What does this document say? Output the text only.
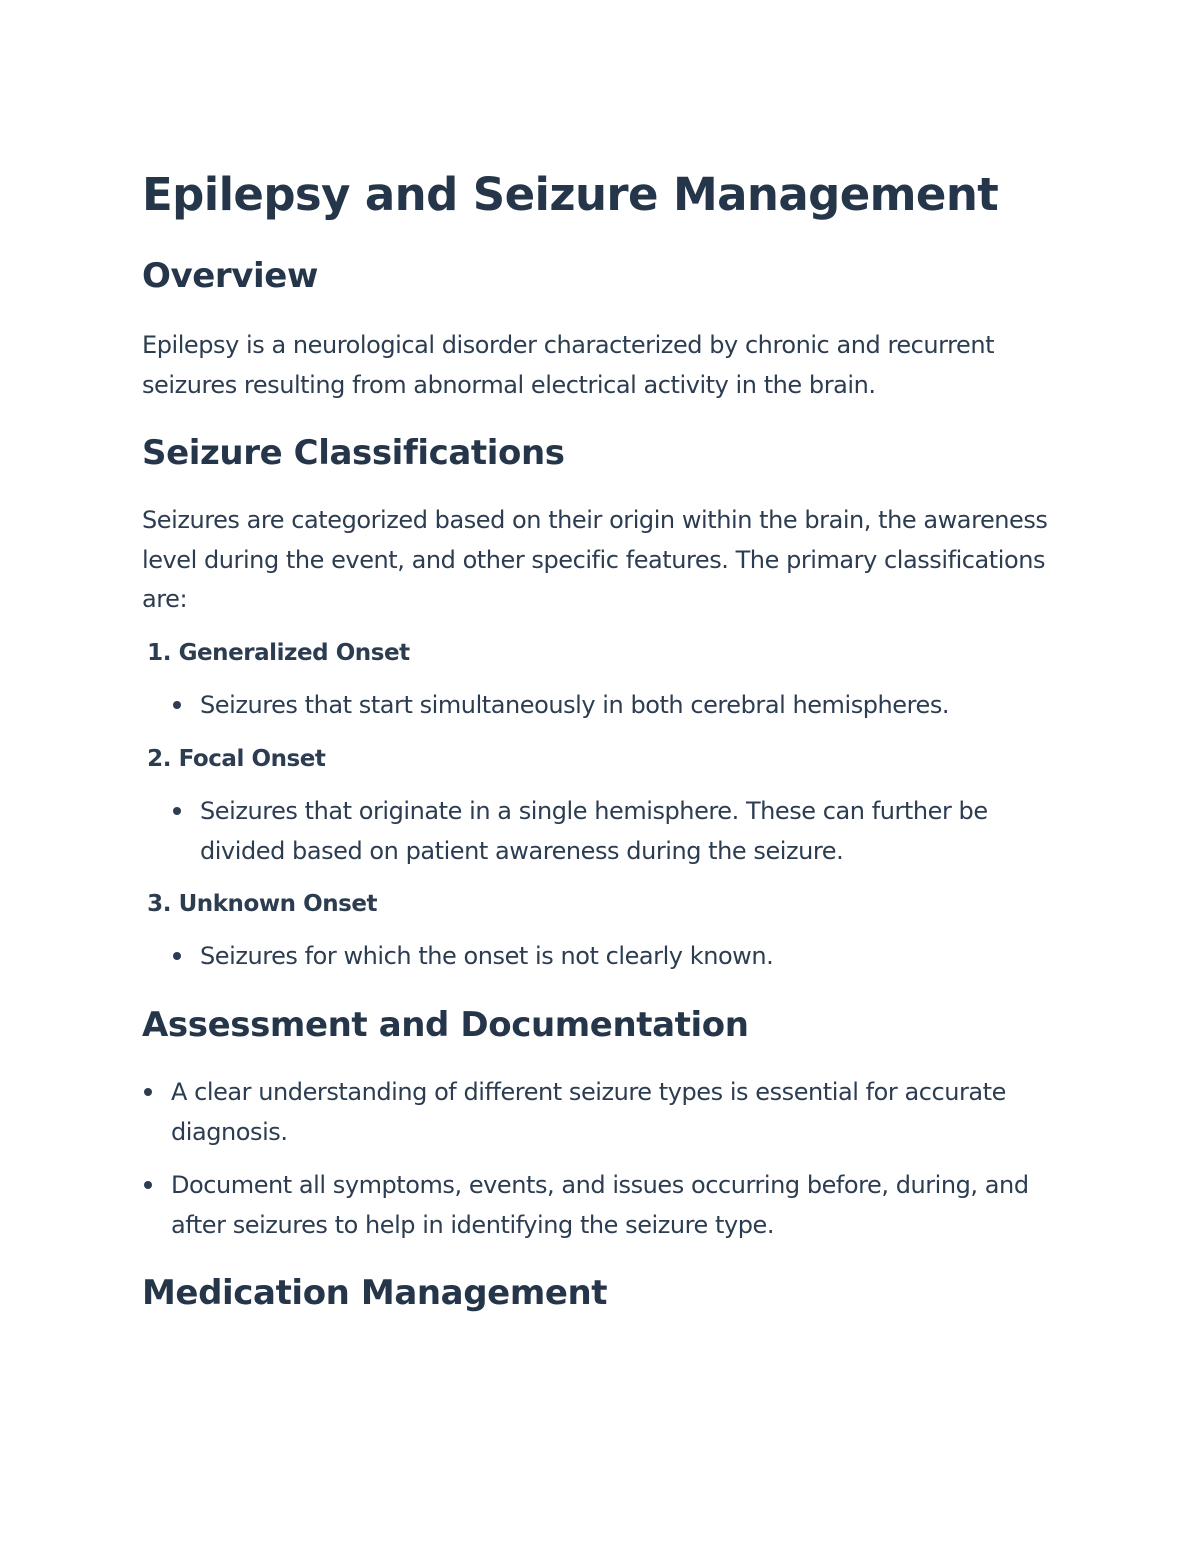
Epilepsy and Seizure Management
Overview

Epilepsy is a neurological disorder characterized by chronic and recurrent seizures resulting from abnormal electrical activity in the brain.

Seizure Classifications

Seizures are categorized based on their origin within the brain, the awareness level during the event, and other specific features. The primary classifications are:

1. Generalized Onset

Seizures that start simultaneously in both cerebral hemispheres.

2. Focal Onset

Seizures that originate in a single hemisphere. These can further be divided based on patient awareness during the seizure.

3. Unknown Onset

Seizures for which the onset is not clearly known.

Assessment and Documentation

A clear understanding of different seizure types is essential for accurate diagnosis.

Document all symptoms, events, and issues occurring before, during, and after seizures to help in identifying the seizure type.

Medication Management
